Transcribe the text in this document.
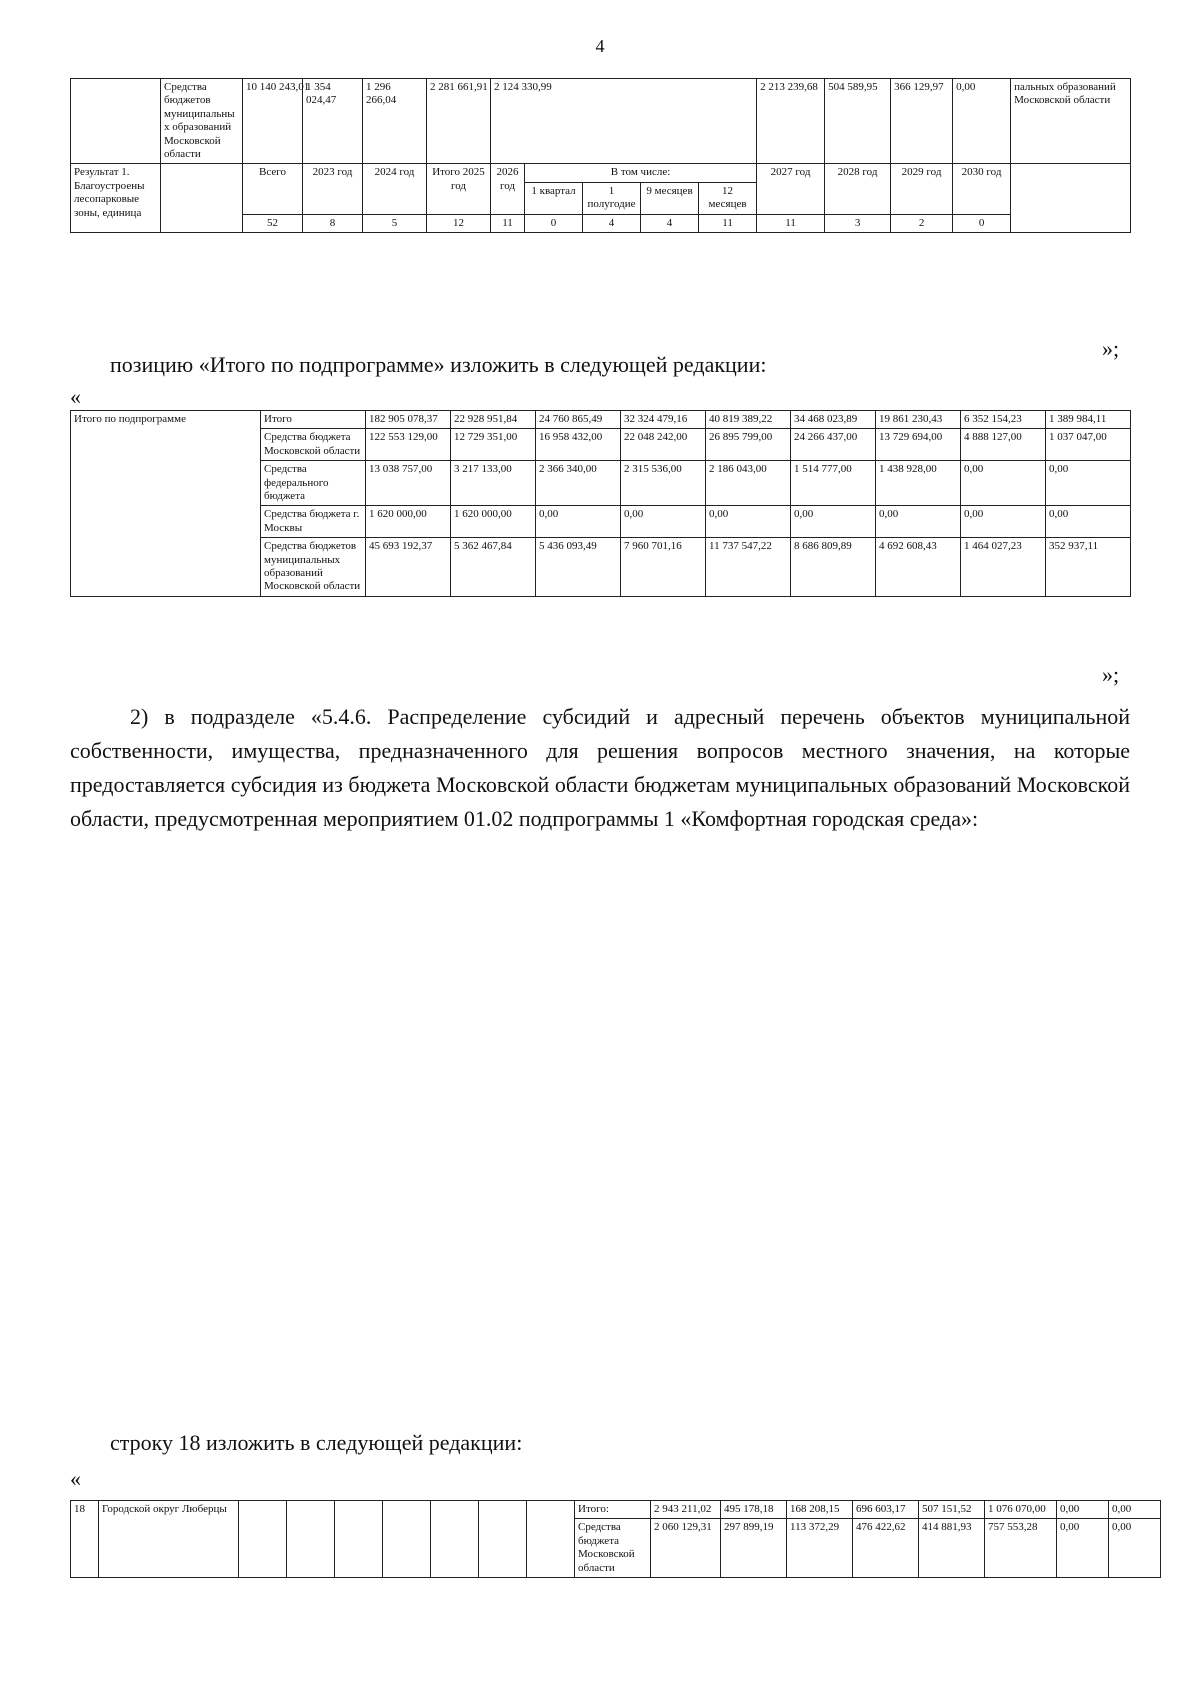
4
	Средства бюджетов муниципальных образований Московской области	10 140 243,01	1 354 024,47	1 296 266,04	2 281 661,91	2 124 330,99					2 213 239,68	504 589,95	366 129,97	0,00	пальных образований Московской области
Результат 1. Благоустроены лесопарковые зоны, единица		Всего	2023 год	2024 год	Итого 2025 год	2026 год	В том числе:				2027 год	2028 год	2029 год	2030 год	
							1 квартал	1 полугодие	9 месяцев	12 месяцев					
		52	8	5	12	11	0	4	4	11	11	3	2	0	
»;
позицию «Итого по подпрограмме» изложить в следующей редакции:
«
Итого по подпрограмме	Итого	182 905 078,37	22 928 951,84	24 760 865,49	32 324 479,16	40 819 389,22	34 468 023,89	19 861 230,43	6 352 154,23	1 389 984,11
	Средства бюджета Московской области	122 553 129,00	12 729 351,00	16 958 432,00	22 048 242,00	26 895 799,00	24 266 437,00	13 729 694,00	4 888 127,00	1 037 047,00
	Средства федерального бюджета	13 038 757,00	3 217 133,00	2 366 340,00	2 315 536,00	2 186 043,00	1 514 777,00	1 438 928,00	0,00	0,00
	Средства бюджета г. Москвы	1 620 000,00	1 620 000,00	0,00	0,00	0,00	0,00	0,00	0,00	0,00
	Средства бюджетов муниципальных образований Московской области	45 693 192,37	5 362 467,84	5 436 093,49	7 960 701,16	11 737 547,22	8 686 809,89	4 692 608,43	1 464 027,23	352 937,11
»;
2) в подразделе «5.4.6. Распределение субсидий и адресный перечень объектов муниципальной собственности, имущества, предназначенного для решения вопросов местного значения, на которые предоставляется субсидия из бюджета Московской области бюджетам муниципальных образований Московской области, предусмотренная мероприятием 01.02 подпрограммы 1 «Комфортная городская среда»:
строку 18 изложить в следующей редакции:
«
18	Городской округ Люберцы								Итого:	2 943 211,02	495 178,18	168 208,15	696 603,17	507 151,52	1 076 070,00	0,00	0,00
									Средства бюджета Московской области	2 060 129,31	297 899,19	113 372,29	476 422,62	414 881,93	757 553,28	0,00	0,00
